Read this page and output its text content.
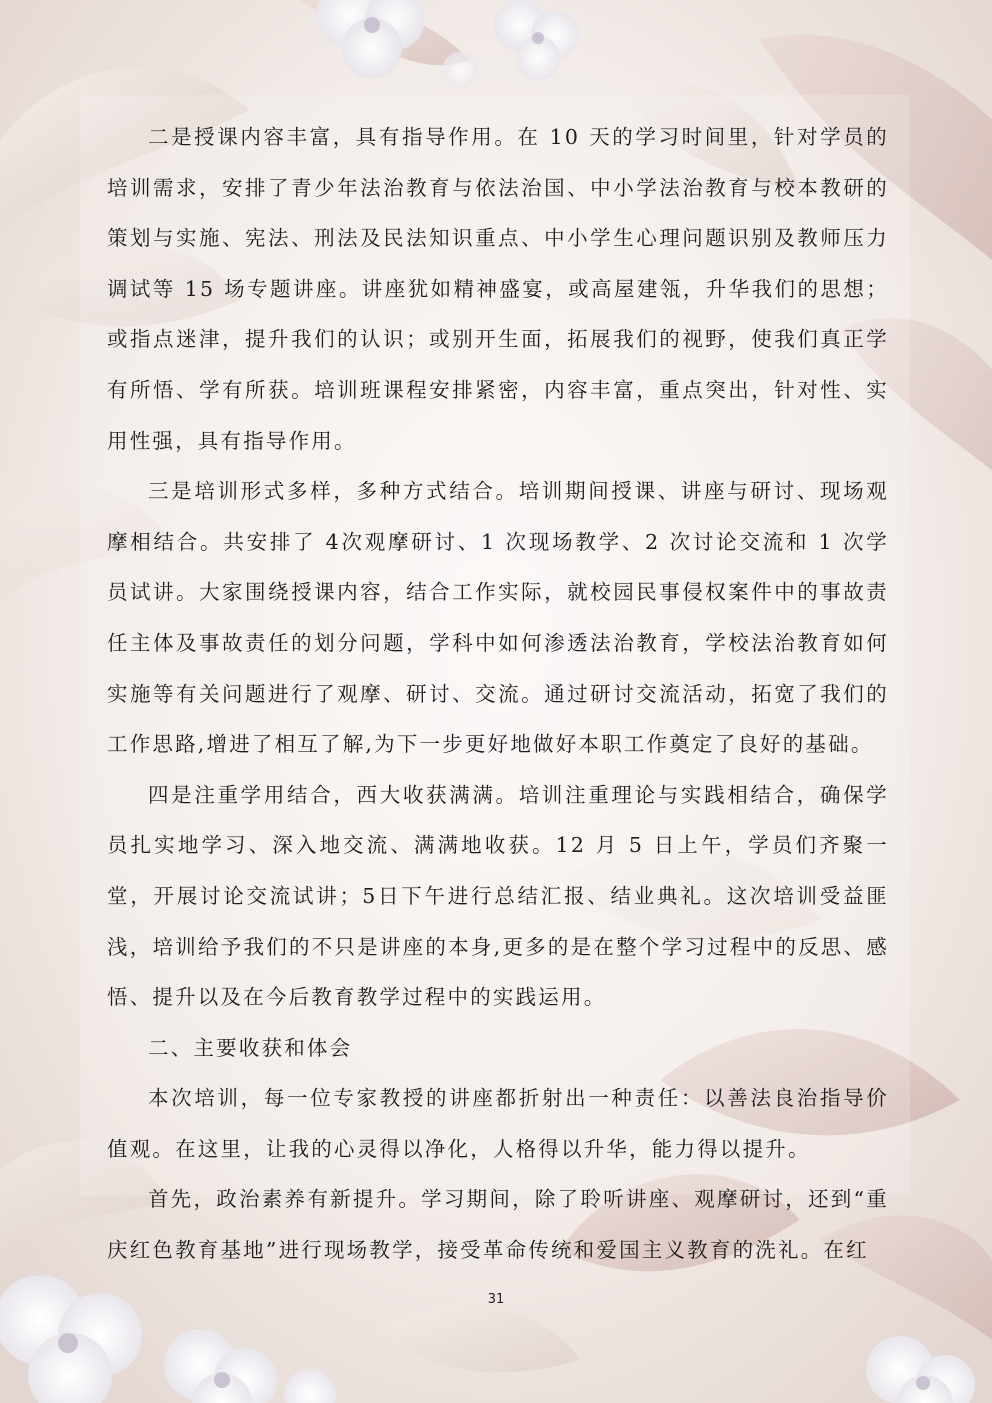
二是授课内容丰富，具有指导作用。在 10 天的学习时间里，针对学员的培训需求，安排了青少年法治教育与依法治国、中小学法治教育与校本教研的策划与实施、宪法、刑法及民法知识重点、中小学生心理问题识别及教师压力调试等 15 场专题讲座。讲座犹如精神盛宴，或高屋建瓴，升华我们的思想；或指点迷津，提升我们的认识；或别开生面，拓展我们的视野，使我们真正学有所悟、学有所获。培训班课程安排紧密，内容丰富，重点突出，针对性、实用性强，具有指导作用。

三是培训形式多样，多种方式结合。培训期间授课、讲座与研讨、现场观摩相结合。共安排了 4次观摩研讨、1 次现场教学、2 次讨论交流和 1 次学员试讲。大家围绕授课内容，结合工作实际，就校园民事侵权案件中的事故责任主体及事故责任的划分问题，学科中如何渗透法治教育，学校法治教育如何实施等有关问题进行了观摩、研讨、交流。通过研讨交流活动，拓宽了我们的工作思路,增进了相互了解,为下一步更好地做好本职工作奠定了良好的基础。

四是注重学用结合，西大收获满满。培训注重理论与实践相结合，确保学员扎实地学习、深入地交流、满满地收获。12 月 5 日上午，学员们齐聚一堂，开展讨论交流试讲；5日下午进行总结汇报、结业典礼。这次培训受益匪浅，培训给予我们的不只是讲座的本身,更多的是在整个学习过程中的反思、感悟、提升以及在今后教育教学过程中的实践运用。

二、主要收获和体会

本次培训，每一位专家教授的讲座都折射出一种责任：以善法良治指导价值观。在这里，让我的心灵得以净化，人格得以升华，能力得以提升。

首先，政治素养有新提升。学习期间，除了聆听讲座、观摩研讨，还到“重庆红色教育基地”进行现场教学，接受革命传统和爱国主义教育的洗礼。在红

31
